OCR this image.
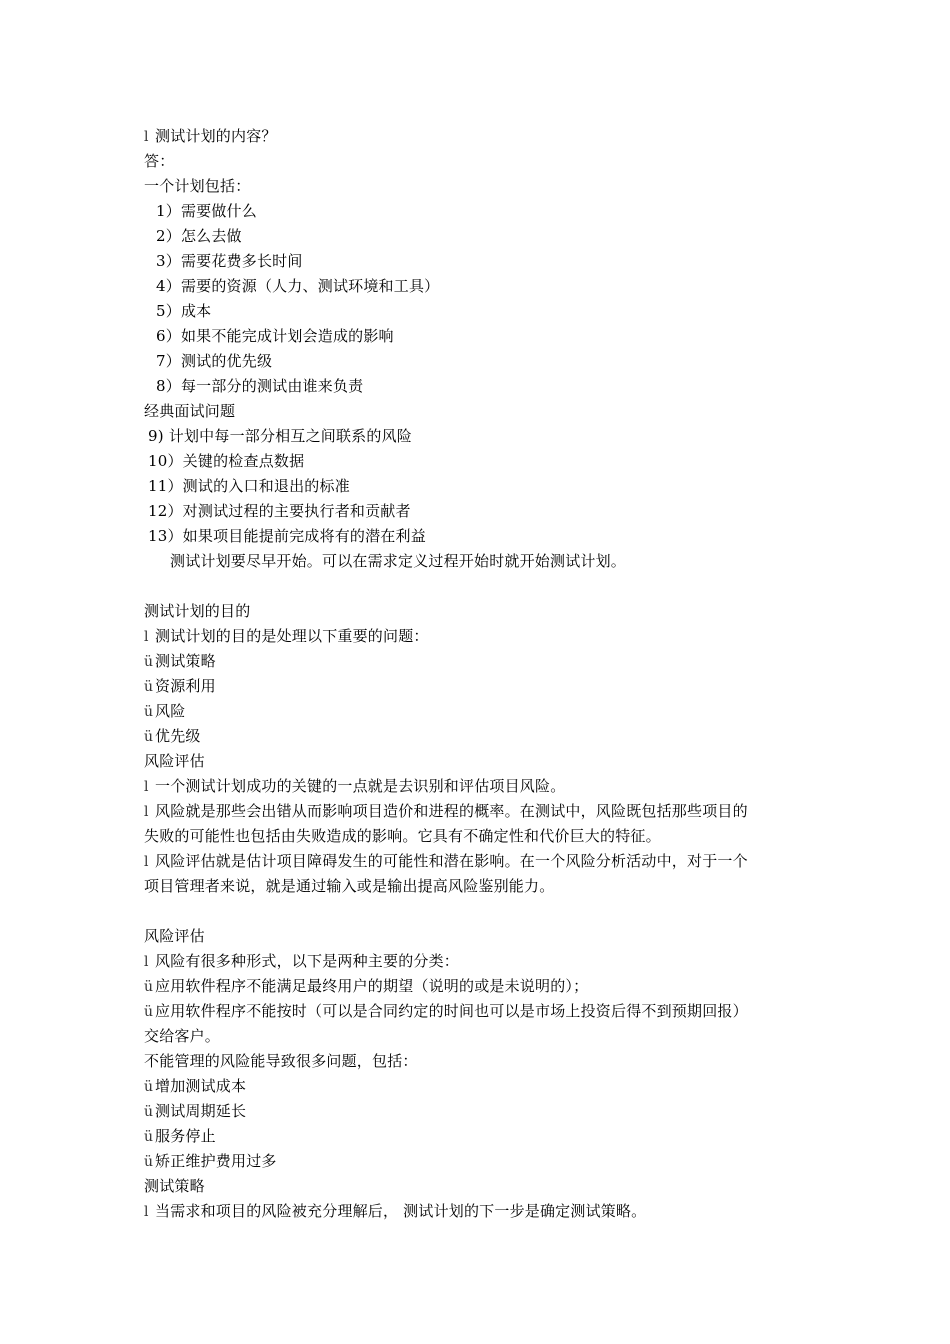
l 测试计划的内容？
答：
一个计划包括：
1）需要做什么
2）怎么去做
3）需要花费多长时间
4）需要的资源（人力、测试环境和工具）
5）成本
6）如果不能完成计划会造成的影响
7）测试的优先级
8）每一部分的测试由谁来负责
经典面试问题
9) 计划中每一部分相互之间联系的风险
10）关键的检查点数据
11）测试的入口和退出的标准
12）对测试过程的主要执行者和贡献者
13）如果项目能提前完成将有的潜在利益
测试计划要尽早开始。可以在需求定义过程开始时就开始测试计划。
测试计划的目的
l 测试计划的目的是处理以下重要的问题：
ü 测试策略
ü 资源利用
ü 风险
ü 优先级
风险评估
l 一个测试计划成功的关键的一点就是去识别和评估项目风险。
l 风险就是那些会出错从而影响项目造价和进程的概率。在测试中，风险既包括那些项目的
失败的可能性也包括由失败造成的影响。它具有不确定性和代价巨大的特征。
l 风险评估就是估计项目障碍发生的可能性和潜在影响。在一个风险分析活动中，对于一个
项目管理者来说，就是通过输入或是输出提高风险鉴别能力。
风险评估
l 风险有很多种形式，以下是两种主要的分类：
ü 应用软件程序不能满足最终用户的期望（说明的或是未说明的）；
ü 应用软件程序不能按时（可以是合同约定的时间也可以是市场上投资后得不到预期回报）
交给客户。
不能管理的风险能导致很多问题，包括：
ü 增加测试成本
ü 测试周期延长
ü 服务停止
ü 矫正维护费用过多
测试策略
l 当需求和项目的风险被充分理解后， 测试计划的下一步是确定测试策略。
